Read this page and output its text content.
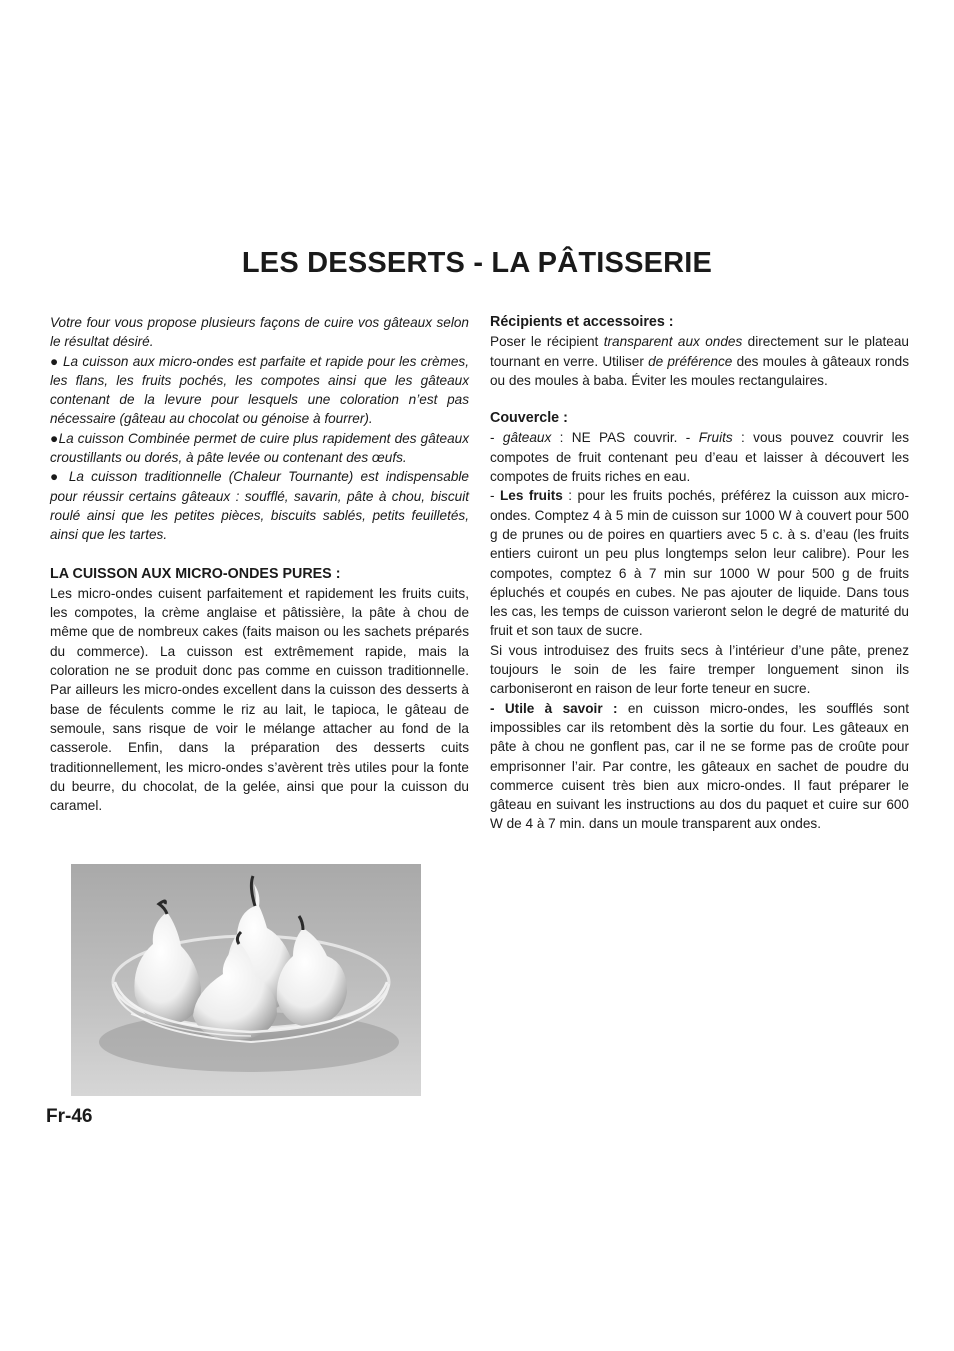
LES DESSERTS - LA PÂTISSERIE

Votre four vous propose plusieurs façons de cuire vos gâteaux selon le résultat désiré.

● La cuisson aux micro-ondes est parfaite et rapide pour les crèmes, les flans, les fruits pochés, les compotes ainsi que les gâteaux contenant de la levure pour lesquels une coloration n’est pas nécessaire (gâteau au chocolat ou génoise à fourrer).

●La cuisson Combinée permet de cuire plus rapidement des gâteaux croustillants ou dorés, à pâte levée ou contenant des œufs.

● La cuisson traditionnelle (Chaleur Tournante) est indispensable pour réussir certains gâteaux : soufflé, savarin, pâte à chou, biscuit roulé ainsi que les petites pièces, biscuits sablés, petits feuilletés, ainsi que les tartes.

LA CUISSON AUX MICRO-ONDES PURES :

Les micro-ondes cuisent parfaitement et rapidement les fruits cuits, les compotes, la crème anglaise et pâtissière, la pâte à chou de même que de nombreux cakes (faits maison ou les sachets préparés du commerce). La cuisson est extrêmement rapide, mais la coloration ne se produit donc pas comme en cuisson traditionnelle. Par ailleurs les micro-ondes excellent dans la cuisson des desserts à base de féculents comme le riz au lait, le tapioca, le gâteau de semoule, sans risque de voir le mélange attacher au fond de la casserole. Enfin, dans la préparation des desserts cuits traditionnellement, les micro-ondes s’avèrent très utiles pour la fonte du beurre, du chocolat, de la gelée, ainsi que pour la cuisson du caramel.

Récipients et accessoires :

Poser le récipient transparent aux ondes directement sur le plateau tournant en verre. Utiliser de préférence des moules à gâteaux ronds ou des moules à baba. Éviter les moules rectangulaires.

Couvercle :

- gâteaux : NE PAS couvrir. - Fruits : vous pouvez couvrir les compotes de fruit contenant peu d’eau et laisser à découvert les compotes de fruits riches en eau.

- Les fruits : pour les fruits pochés, préférez la cuisson aux micro-ondes. Comptez 4 à 5 min de cuisson sur 1000 W à couvert pour 500 g de prunes ou de poires en quartiers avec 5 c. à s. d’eau (les fruits entiers cuiront un peu plus longtemps selon leur calibre). Pour les compotes, comptez 6 à 7 min sur 1000 W pour 500 g de fruits épluchés et coupés en cubes. Ne pas ajouter de liquide. Dans tous les cas, les temps de cuisson varieront selon le degré de maturité du fruit et son taux de sucre.

Si vous introduisez des fruits secs à l’intérieur d’une pâte, prenez toujours le soin de les faire tremper longuement sinon ils carboniseront en raison de leur forte teneur en sucre.

- Utile à savoir : en cuisson micro-ondes, les soufflés sont impossibles car ils retombent dès la sortie du four. Les gâteaux en pâte à chou ne gonflent pas, car il ne se forme pas de croûte pour emprisonner l’air. Par contre, les gâteaux en sachet de poudre du commerce cuisent très bien aux micro-ondes. Il faut préparer le gâteau en suivant les instructions au dos du paquet et cuire sur 600 W de 4 à 7 min. dans un moule transparent aux ondes.

Fr-46
